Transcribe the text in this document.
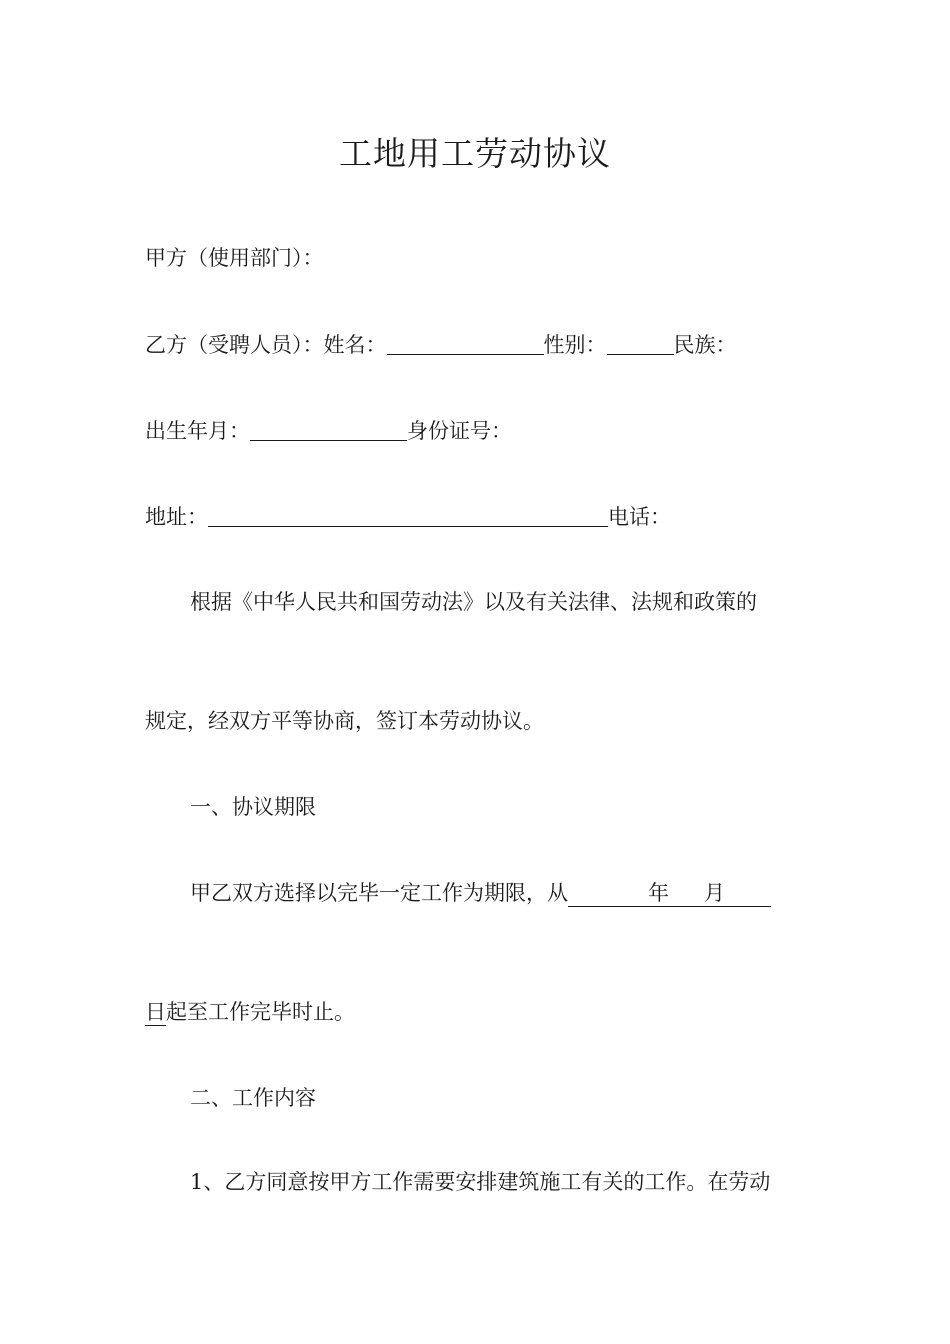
工地用工劳动协议
甲方（使用部门）：
乙方（受聘人员）：姓名：	性别：	民族：
出生年月：	身份证号：
地址：	电话：
根据《中华人民共和国劳动法》以及有关法律、法规和政策的
规定，经双方平等协商，签订本劳动协议。
一、协议期限
甲乙双方选择以完毕一定工作为期限，从	年 月
日起至工作完毕时止。
二、工作内容
1、乙方同意按甲方工作需要安排建筑施工有关的工作。在劳动
